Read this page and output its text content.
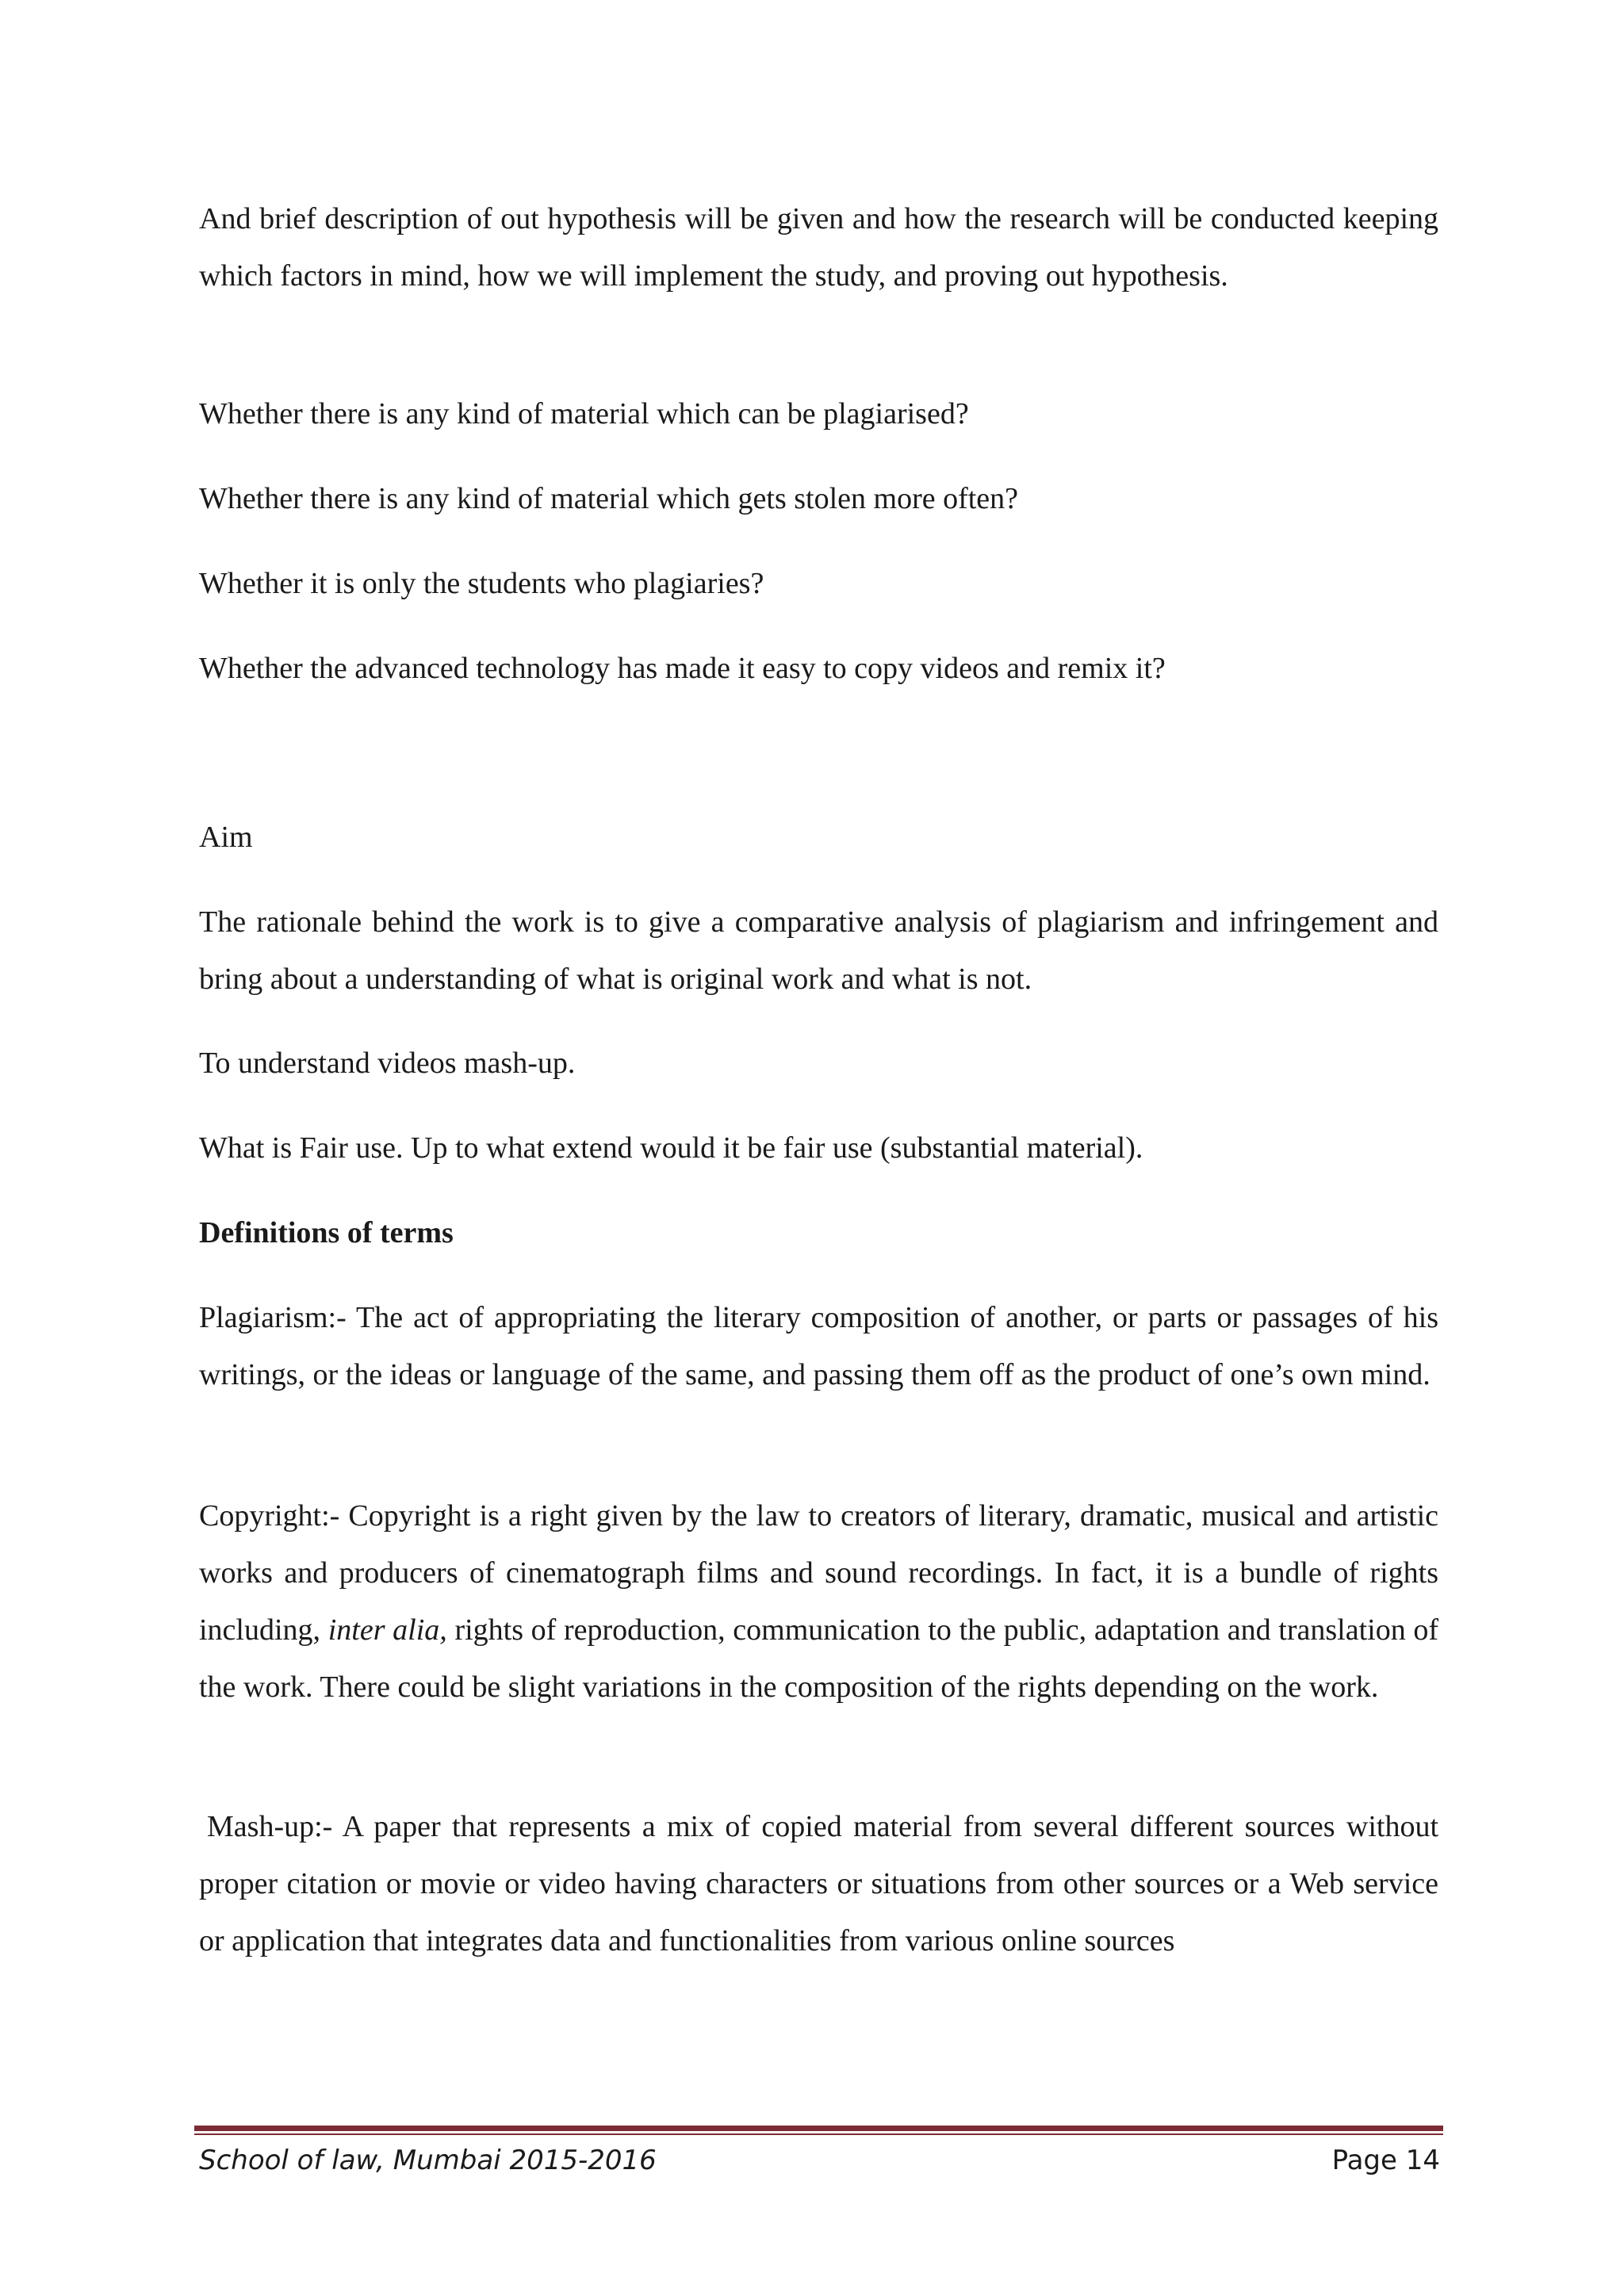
And brief description of out hypothesis will be given and how the research will be conducted keeping which factors in mind, how we will implement the study, and proving out hypothesis.

Whether there is any kind of material which can be plagiarised?

Whether there is any kind of material which gets stolen more often?

Whether it is only the students who plagiaries?

Whether the advanced technology has made it easy to copy videos and remix it?

Aim

The rationale behind the work is to give a comparative analysis of plagiarism and infringement and bring about a understanding of what is original work and what is not.

To understand videos mash-up.

What is Fair use. Up to what extend would it be fair use (substantial material).

Definitions of terms

Plagiarism:- The act of appropriating the literary composition of another, or parts or passages of his writings, or the ideas or language of the same, and passing them off as the product of one’s own mind.

Copyright:- Copyright is a right given by the law to creators of literary, dramatic, musical and artistic works and producers of cinematograph films and sound recordings. In fact, it is a bundle of rights including, inter alia, rights of reproduction, communication to the public, adaptation and translation of the work. There could be slight variations in the composition of the rights depending on the work.

Mash-up:- A paper that represents a mix of copied material from several different sources without proper citation or movie or video having characters or situations from other sources or a Web service or application that integrates data and functionalities from various online sources

School of law, Mumbai 2015-2016	Page 14
